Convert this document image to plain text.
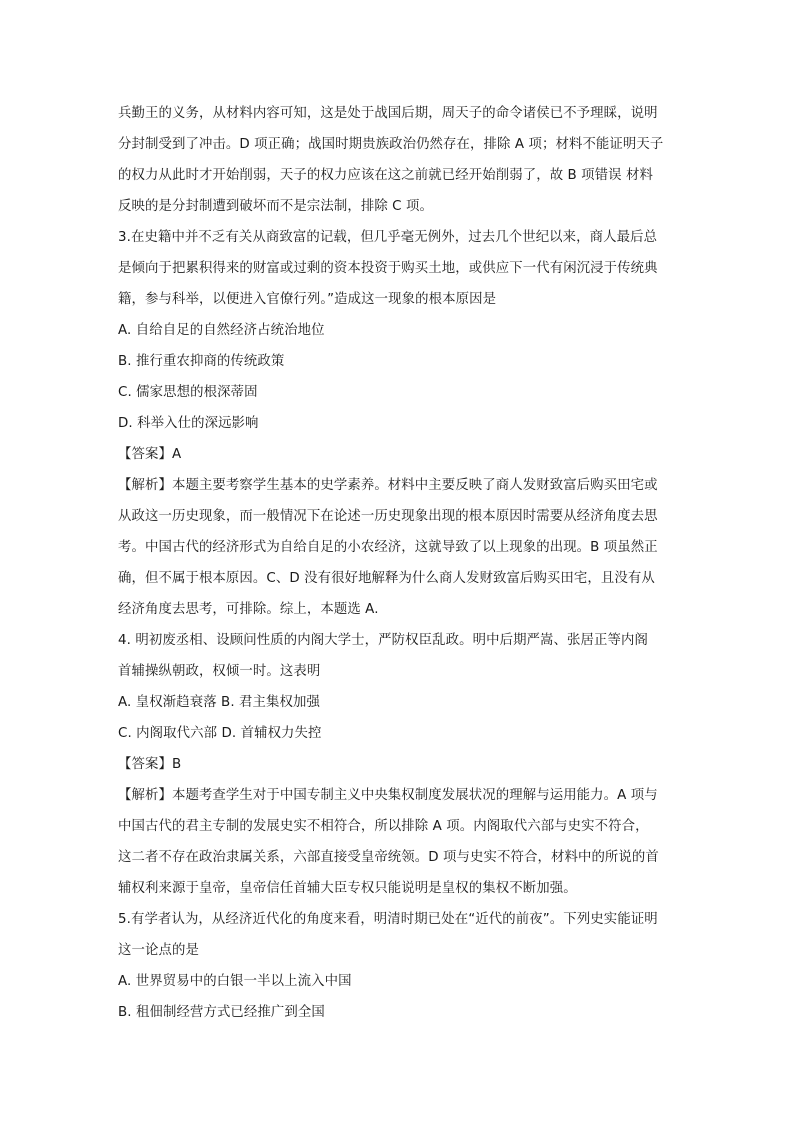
兵勤王的义务，从材料内容可知，这是处于战国后期，周天子的命令诸侯已不予理睬，说明
分封制受到了冲击。D 项正确；战国时期贵族政治仍然存在，排除 A 项；材料不能证明天子
的权力从此时才开始削弱，天子的权力应该在这之前就已经开始削弱了，故 B 项错误 材料
反映的是分封制遭到破坏而不是宗法制，排除 C 项。
3.在史籍中并不乏有关从商致富的记载，但几乎毫无例外，过去几个世纪以来，商人最后总
是倾向于把累积得来的财富或过剩的资本投资于购买土地，或供应下一代有闲沉浸于传统典
籍，参与科举，以便进入官僚行列。”造成这一现象的根本原因是
A. 自给自足的自然经济占统治地位
B. 推行重农抑商的传统政策
C. 儒家思想的根深蒂固
D. 科举入仕的深远影响
【答案】A
【解析】本题主要考察学生基本的史学素养。材料中主要反映了商人发财致富后购买田宅或
从政这一历史现象，而一般情况下在论述一历史现象出现的根本原因时需要从经济角度去思
考。中国古代的经济形式为自给自足的小农经济，这就导致了以上现象的出现。B 项虽然正
确，但不属于根本原因。C、D 没有很好地解释为什么商人发财致富后购买田宅，且没有从
经济角度去思考，可排除。综上，本题选 A.
4. 明初废丞相、设顾问性质的内阁大学士，严防权臣乱政。明中后期严嵩、张居正等内阁
首辅操纵朝政，权倾一时。这表明
A. 皇权渐趋衰落 B. 君主集权加强
C. 内阁取代六部 D. 首辅权力失控
【答案】B
【解析】本题考查学生对于中国专制主义中央集权制度发展状况的理解与运用能力。A 项与
中国古代的君主专制的发展史实不相符合，所以排除 A 项。内阁取代六部与史实不符合，
这二者不存在政治隶属关系，六部直接受皇帝统领。D 项与史实不符合，材料中的所说的首
辅权利来源于皇帝，皇帝信任首辅大臣专权只能说明是皇权的集权不断加强。
5.有学者认为，从经济近代化的角度来看，明清时期已处在“近代的前夜”。下列史实能证明
这一论点的是
A. 世界贸易中的白银一半以上流入中国
B. 租佃制经营方式已经推广到全国
